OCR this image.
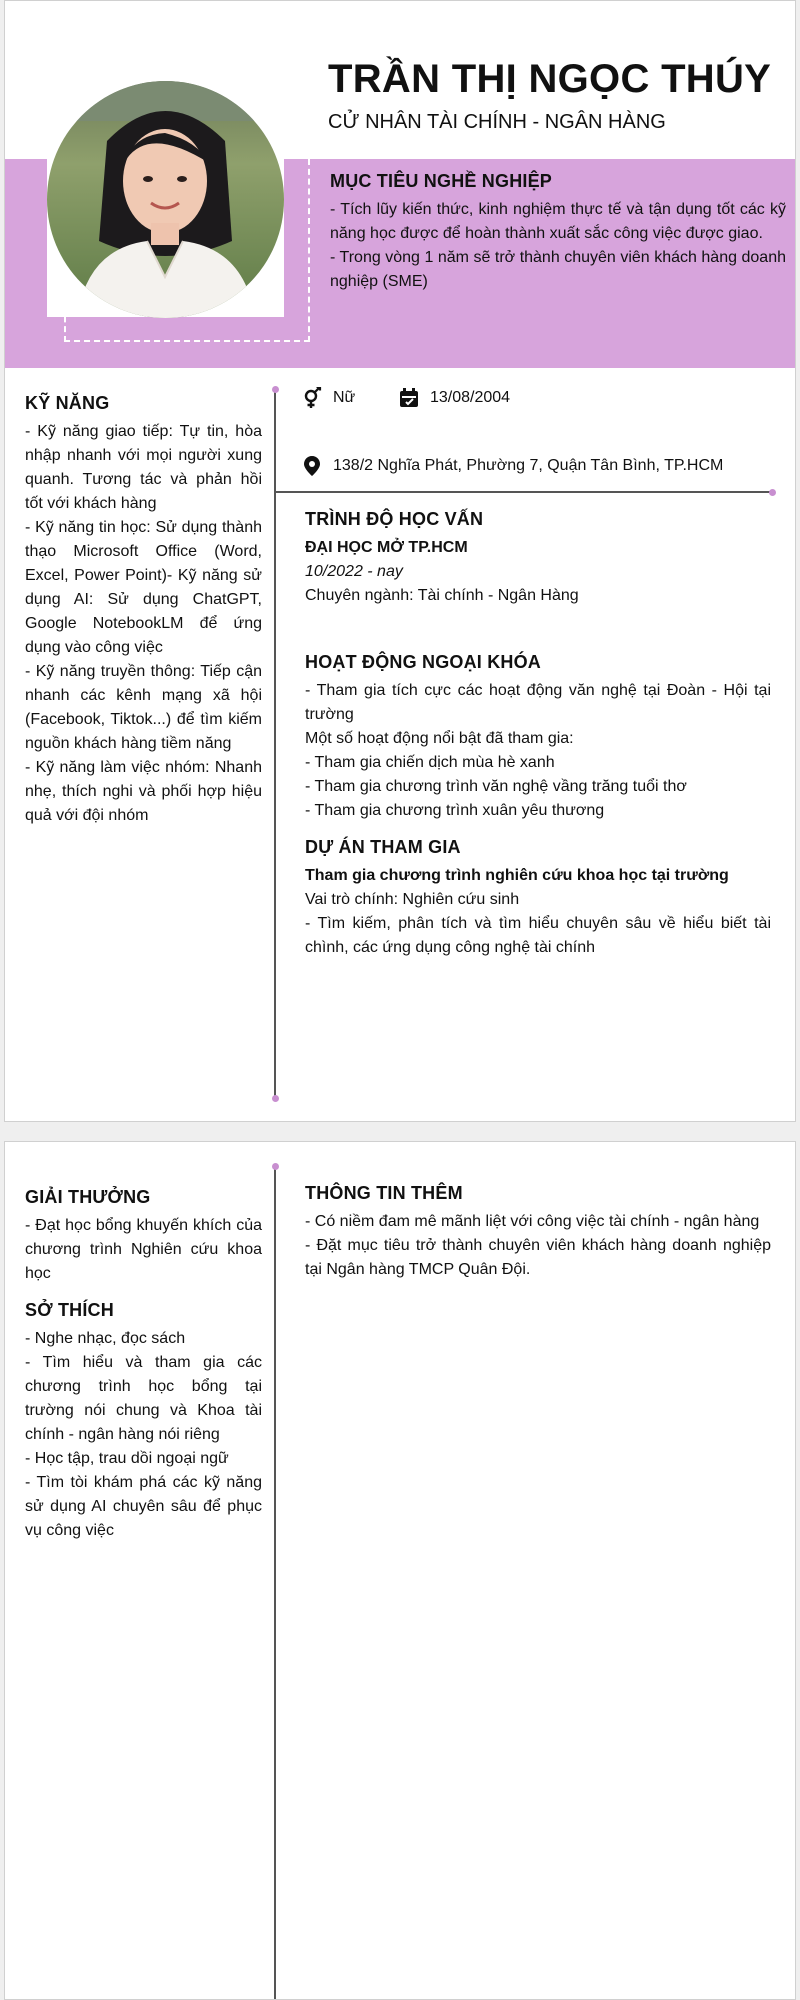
TRẦN THỊ NGỌC THÚY
CỬ NHÂN TÀI CHÍNH - NGÂN HÀNG
MỤC TIÊU NGHỀ NGHIỆP
- Tích lũy kiến thức, kinh nghiệm thực tế và tận dụng tốt các kỹ năng học được để hoàn thành xuất sắc công việc được giao.
- Trong vòng 1 năm sẽ trở thành chuyên viên khách hàng doanh nghiệp (SME)
KỸ NĂNG
- Kỹ năng giao tiếp: Tự tin, hòa nhập nhanh với mọi người xung quanh. Tương tác và phản hồi tốt với khách hàng
- Kỹ năng tin học: Sử dụng thành thạo Microsoft Office (Word, Excel, Power Point)- Kỹ năng sử dụng AI: Sử dụng ChatGPT, Google NotebookLM để ứng dụng vào công việc
- Kỹ năng truyền thông: Tiếp cận nhanh các kênh mạng xã hội (Facebook, Tiktok...) để tìm kiếm nguồn khách hàng tiềm năng
- Kỹ năng làm việc nhóm: Nhanh nhẹ, thích nghi và phối hợp hiệu quả với đội nhóm
Nữ	13/08/2004
138/2 Nghĩa Phát, Phường 7, Quận Tân Bình, TP.HCM
TRÌNH ĐỘ HỌC VẤN
ĐẠI HỌC MỞ TP.HCM
10/2022 - nay
Chuyên ngành: Tài chính - Ngân Hàng
HOẠT ĐỘNG NGOẠI KHÓA
- Tham gia tích cực các hoạt động văn nghệ tại Đoàn - Hội tại trường
Một số hoạt động nổi bật đã tham gia:
- Tham gia chiến dịch mùa hè xanh
- Tham gia chương trình văn nghệ vầng trăng tuổi thơ
- Tham gia chương trình xuân yêu thương
DỰ ÁN THAM GIA
Tham gia chương trình nghiên cứu khoa học tại trường
Vai trò chính: Nghiên cứu sinh
- Tìm kiếm, phân tích và tìm hiểu chuyên sâu về hiểu biết tài chình, các ứng dụng công nghệ tài chính
GIẢI THƯỞNG
- Đạt học bổng khuyến khích của chương trình Nghiên cứu khoa học
SỞ THÍCH
- Nghe nhạc, đọc sách
- Tìm hiểu và tham gia các chương trình học bổng tại trường nói chung và Khoa tài chính - ngân hàng nói riêng
- Học tập, trau dồi ngoại ngữ
- Tìm tòi khám phá các kỹ năng sử dụng AI chuyên sâu để phục vụ công việc
THÔNG TIN THÊM
- Có niềm đam mê mãnh liệt với công việc tài chính - ngân hàng
- Đặt mục tiêu trở thành chuyên viên khách hàng doanh nghiệp tại Ngân hàng TMCP Quân Đội.
